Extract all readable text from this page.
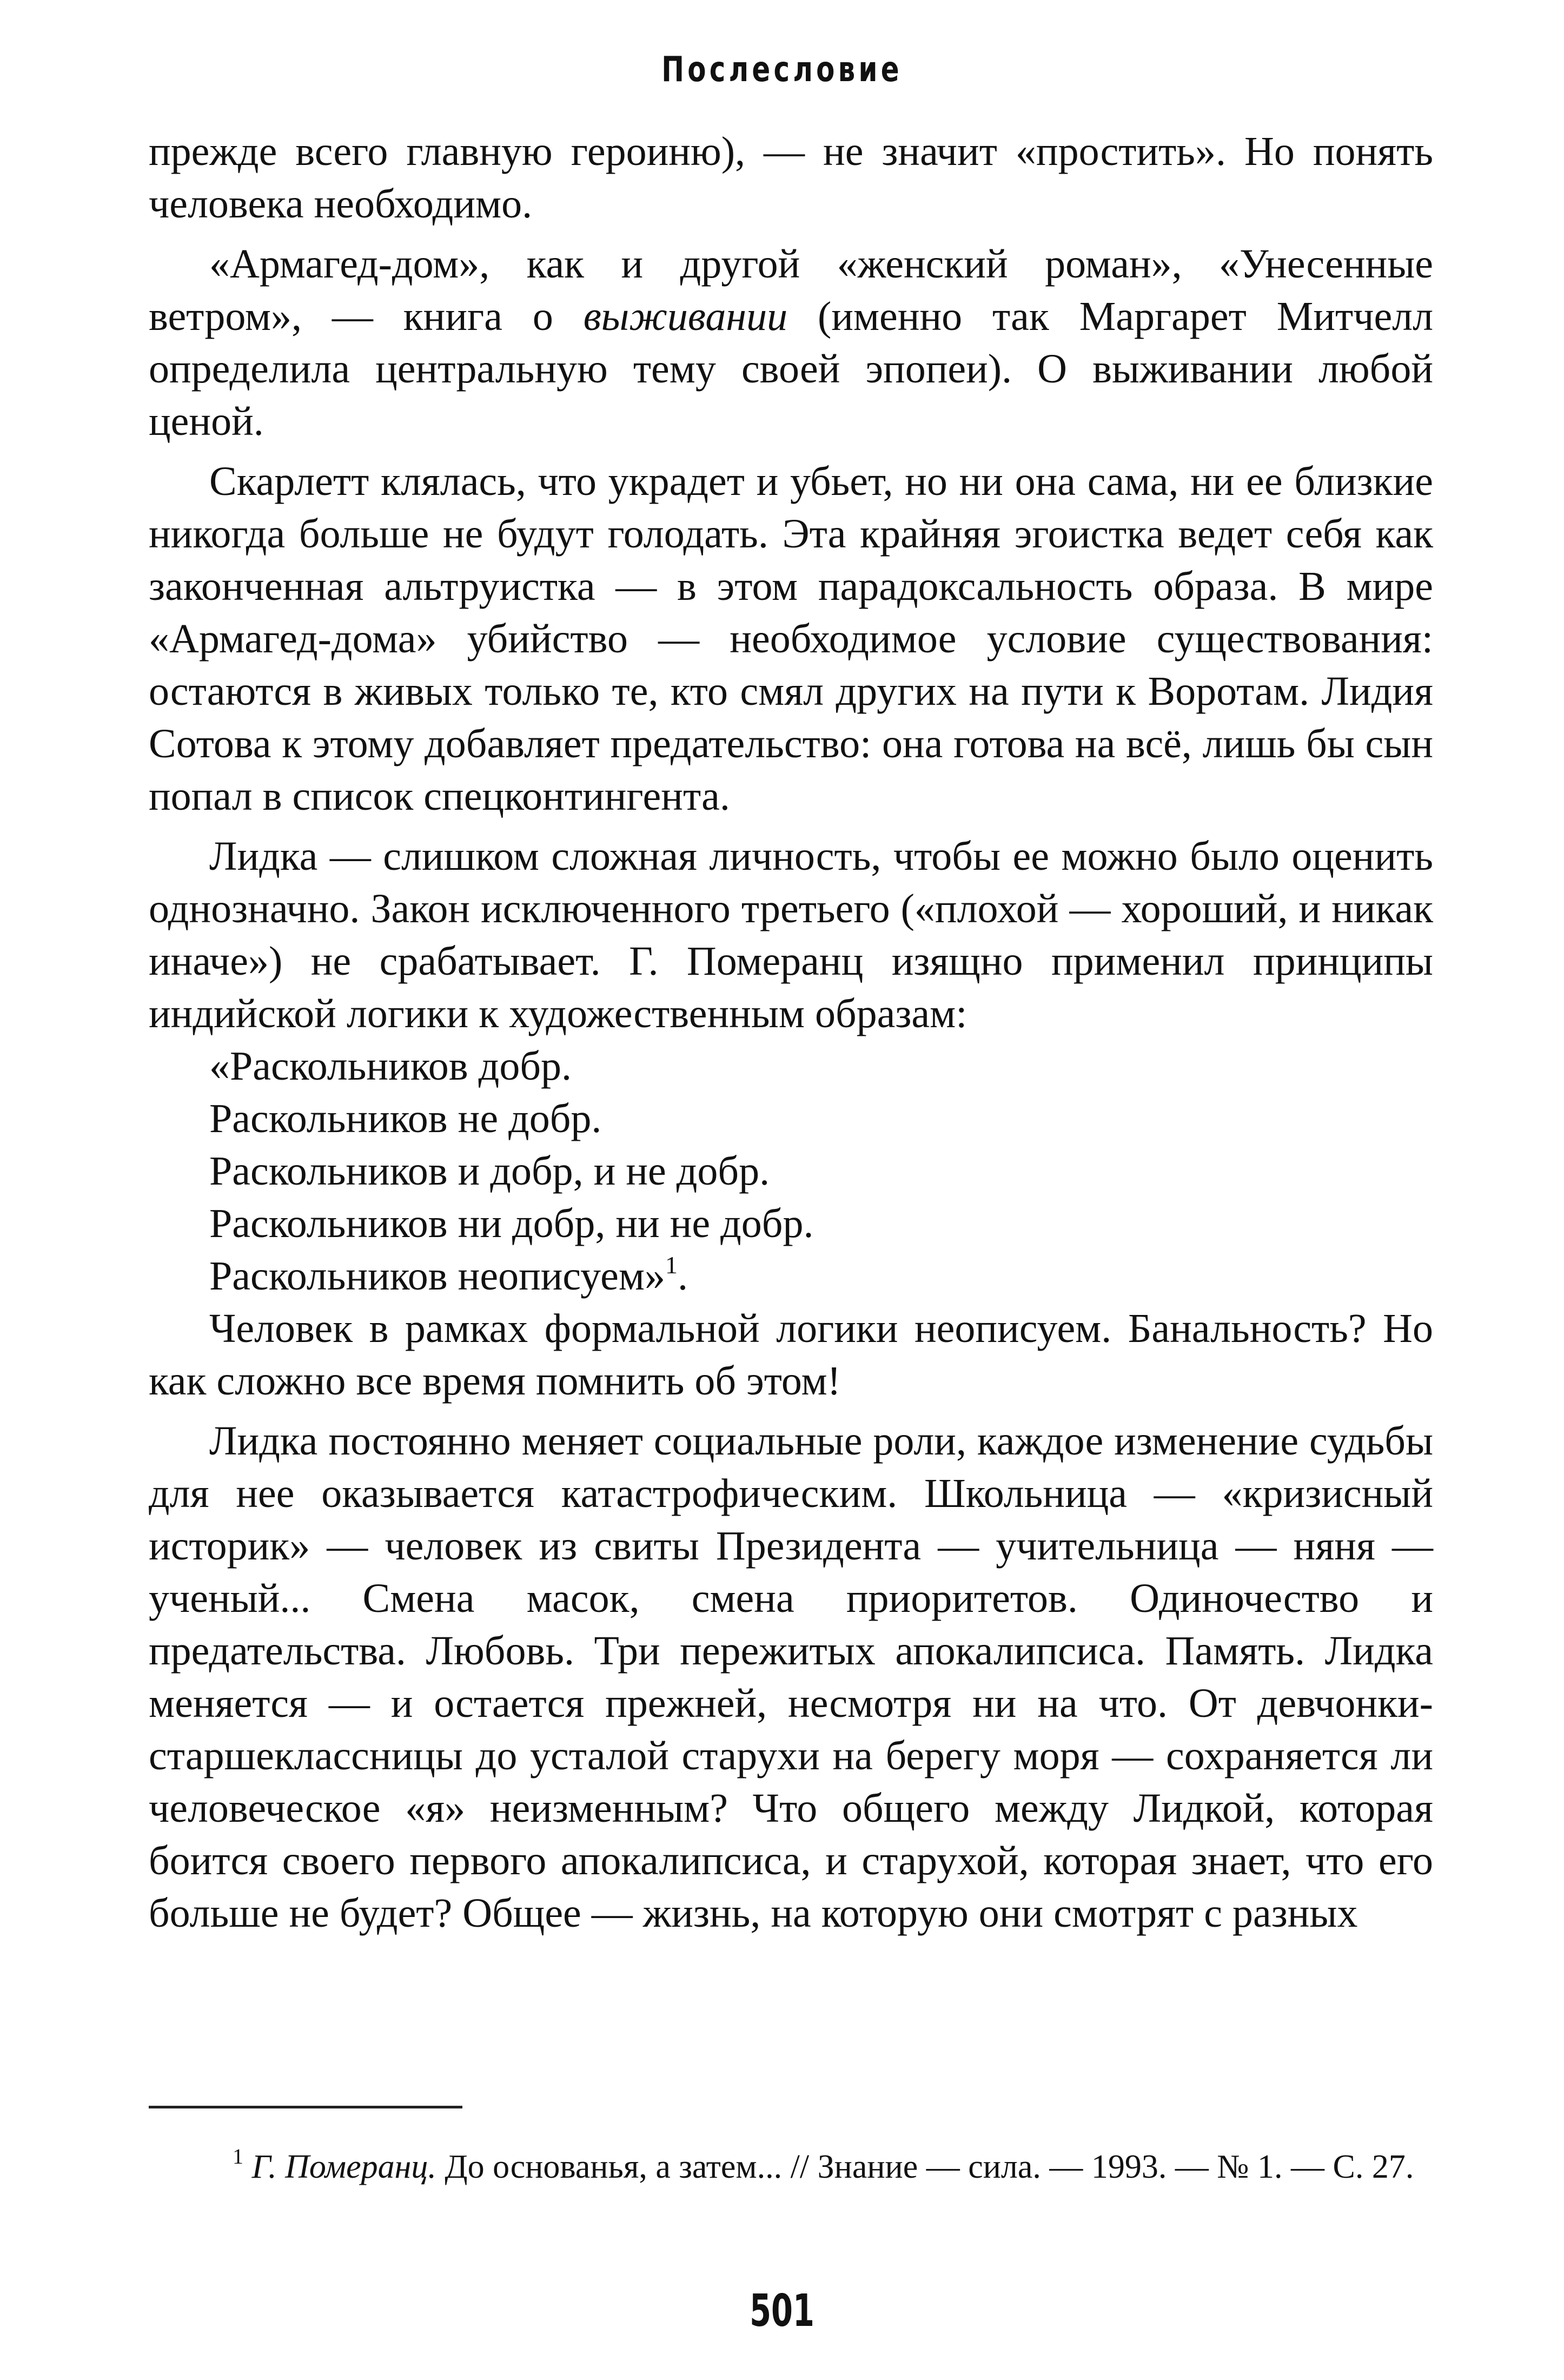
Послесловие

прежде всего главную героиню), — не значит «простить». Но понять человека необходимо.

«Армагед-дом», как и другой «женский роман», «Унесенные ветром», — книга о выживании (именно так Маргарет Митчелл определила центральную тему своей эпопеи). О выживании любой ценой.

Скарлетт клялась, что украдет и убьет, но ни она сама, ни ее близкие никогда больше не будут голодать. Эта крайняя эгоистка ведет себя как законченная альтруистка — в этом парадоксальность образа. В мире «Армагед-дома» убийство — необходимое условие существования: остаются в живых только те, кто смял других на пути к Воротам. Лидия Сотова к этому добавляет предательство: она готова на всё, лишь бы сын попал в список спецконтингента.

Лидка — слишком сложная личность, чтобы ее можно было оценить однозначно. Закон исключенного третьего («плохой — хороший, и никак иначе») не срабатывает. Г. Померанц изящно применил принципы индийской логики к художественным образам:

«Раскольников добр.

Раскольников не добр.

Раскольников и добр, и не добр.

Раскольников ни добр, ни не добр.

Раскольников неописуем»$^1$.

Человек в рамках формальной логики неописуем. Банальность? Но как сложно все время помнить об этом!

Лидка постоянно меняет социальные роли, каждое изменение судьбы для нее оказывается катастрофическим. Школьница — «кризисный историк» — человек из свиты Президента — учительница — няня — ученый... Смена масок, смена приоритетов. Одиночество и предательства. Любовь. Три пережитых апокалипсиса. Память. Лидка меняется — и остается прежней, несмотря ни на что. От девчонки-старшеклассницы до усталой старухи на берегу моря — сохраняется ли человеческое «я» неизменным? Что общего между Лидкой, которая боится своего первого апокалипсиса, и старухой, которая знает, что его больше не будет? Общее — жизнь, на которую они смотрят с разных

$^1$ Г. Померанц. До основанья, а затем... // Знание — сила. — 1993. — № 1. — С. 27.
501
